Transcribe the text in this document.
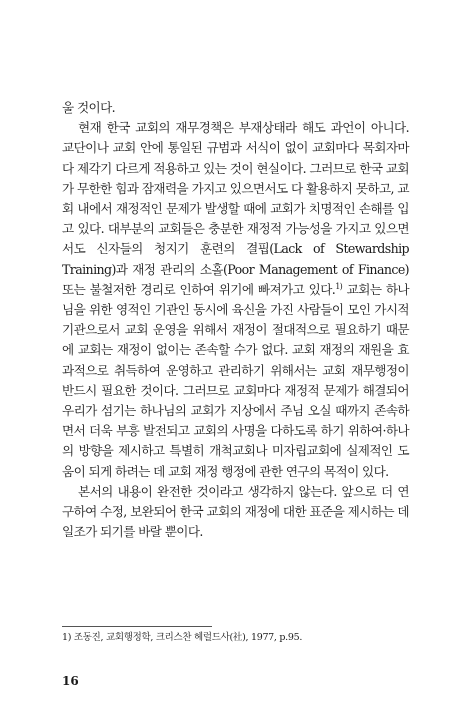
울 것이다.

현재 한국 교회의 재무경책은 부재상태라 해도 과언이 아니다. 교단이나 교회 안에 통일된 규범과 서식이 없이 교회마다 목회자마다 제각기 다르게 적용하고 있는 것이 현실이다. 그러므로 한국 교회가 무한한 힘과 잠재력을 가지고 있으면서도 다 활용하지 못하고, 교회 내에서 재정적인 문제가 발생할 때에 교회가 치명적인 손해를 입고 있다. 대부분의 교회들은 충분한 재정적 가능성을 가지고 있으면서도 신자들의 청지기 훈련의 결핍(Lack of Stewardship Training)과 재정 관리의 소홀(Poor Management of Finance) 또는 불철저한 경리로 인하여 위기에 빠져가고 있다.$^{1)}$ 교회는 하나님을 위한 영적인 기관인 동시에 육신을 가진 사람들이 모인 가시적 기관으로서 교회 운영을 위해서 재정이 절대적으로 필요하기 때문에 교회는 재정이 없이는 존속할 수가 없다. 교회 재정의 재원을 효과적으로 취득하여 운영하고 관리하기 위해서는 교회 재무행정이 반드시 필요한 것이다. 그러므로 교회마다 재정적 문제가 해결되어 우리가 섬기는 하나님의 교회가 지상에서 주님 오실 때까지 존속하면서 더욱 부흥 발전되고 교회의 사명을 다하도록 하기 위하여·하나의 방향을 제시하고 특별히 개척교회나 미자립교회에 실제적인 도움이 되게 하려는 데 교회 재정 행정에 관한 연구의 목적이 있다.

본서의 내용이 완전한 것이라고 생각하지 않는다. 앞으로 더 연구하여 수정, 보완되어 한국 교회의 재정에 대한 표준을 제시하는 데 일조가 되기를 바랄 뿐이다.

1) 조동진, 교회행정학, 크리스찬 헤럴드사(社), 1977, p.95.
16
